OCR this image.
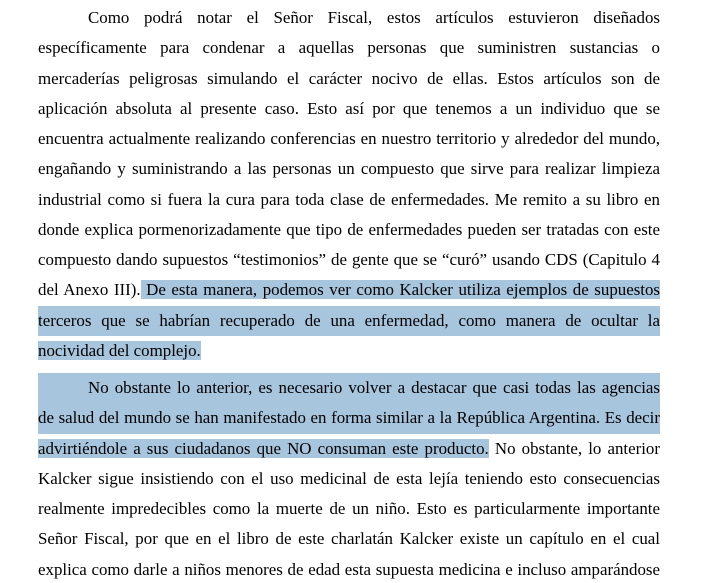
Como podrá notar el Señor Fiscal, estos artículos estuvieron diseñados
específicamente para condenar a aquellas personas que suministren sustancias o
mercaderías peligrosas simulando el carácter nocivo de ellas. Estos artículos son de
aplicación absoluta al presente caso. Esto así por que tenemos a un individuo que se
encuentra actualmente realizando conferencias en nuestro territorio y alrededor del mundo,
engañando y suministrando a las personas un compuesto que sirve para realizar limpieza
industrial como si fuera la cura para toda clase de enfermedades. Me remito a su libro en
donde explica pormenorizadamente que tipo de enfermedades pueden ser tratadas con este
compuesto dando supuestos “testimonios” de gente que se “curó” usando CDS (Capitulo 4
del Anexo III). De esta manera, podemos ver como Kalcker utiliza ejemplos de supuestos
terceros que se habrían recuperado de una enfermedad, como manera de ocultar la
nocividad del complejo.
No obstante lo anterior, es necesario volver a destacar que casi todas las agencias
de salud del mundo se han manifestado en forma similar a la República Argentina. Es decir
advirtiéndole a sus ciudadanos que NO consuman este producto. No obstante, lo anterior
Kalcker sigue insistiendo con el uso medicinal de esta lejía teniendo esto consecuencias
realmente impredecibles como la muerte de un niño. Esto es particularmente importante
Señor Fiscal, por que en el libro de este charlatán Kalcker existe un capítulo en el cual
explica como darle a niños menores de edad esta supuesta medicina e incluso amparándose
